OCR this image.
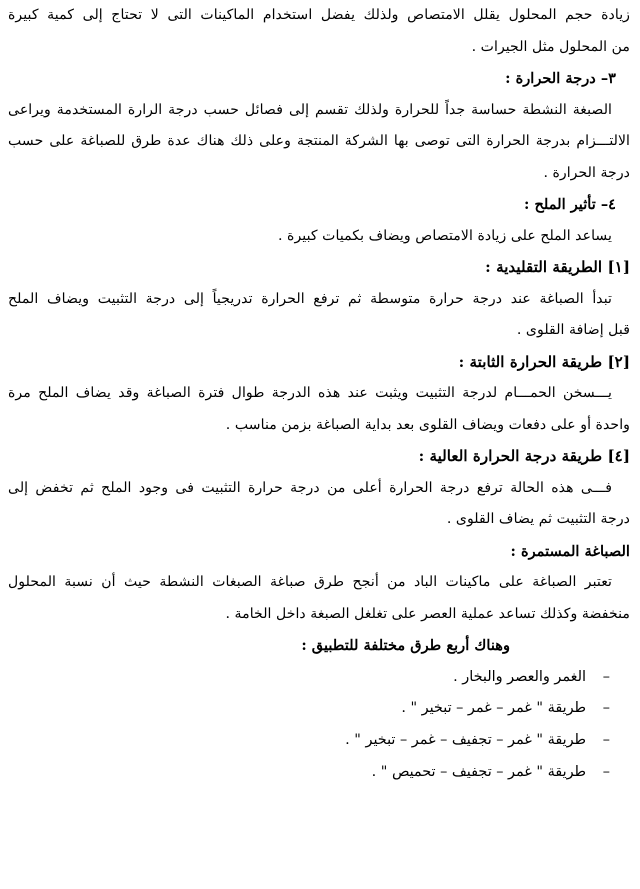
زيادة حجم المحلول يقلل الامتصاص ولذلك يفضل استخدام الماكينات التى لا تحتاج إلى كمية كبيرة
من المحلول مثل الجيرات .

٣– درجة الحرارة :

الصبغة النشطة حساسة جداً للحرارة ولذلك تقسم إلى فصائل حسب درجة الرارة المستخدمة ويراعى
الالتـــزام بدرجة الحرارة التى توصى بها الشركة المنتجة وعلى ذلك هناك عدة طرق للصباغة على حسب
درجة الحرارة .

٤– تأثير الملح :

يساعد الملح على زيادة الامتصاص ويضاف بكميات كبيرة .

[١] الطريقة التقليدية :

تبدأ الصباغة عند درجة حرارة متوسطة ثم ترفع الحرارة تدريجياً إلى درجة التثبيت ويضاف الملح
قبل إضافة القلوى .

[٢] طريقة الحرارة الثابتة :

يـــسخن الحمـــام لدرجة التثبيت ويثبت عند هذه الدرجة طوال فترة الصباغة وقد يضاف الملح مرة
واحدة أو على دفعات ويضاف القلوى بعد بداية الصباغة بزمن مناسب .

[٤] طريقة درجة الحرارة العالية :

فـــى هذه الحالة ترفع درجة الحرارة أعلى من درجة حرارة التثبيت فى وجود الملح ثم تخفض إلى
درجة التثبيت ثم يضاف القلوى .

الصباغة المستمرة :

تعتبر الصباغة على ماكينات الباد من أنجح طرق صباغة الصبغات النشطة حيث أن نسبة المحلول
منخفضة وكذلك تساعد عملية العصر على تغلغل الصبغة داخل الخامة .

وهناك أربع طرق مختلفة للتطبيق :
–الغمر والعصر والبخار .
–طريقة " غمر – غمر – تبخير " .
–طريقة " غمر – تجفيف – غمر – تبخير " .
–طريقة " غمر – تجفيف – تحميص " .
